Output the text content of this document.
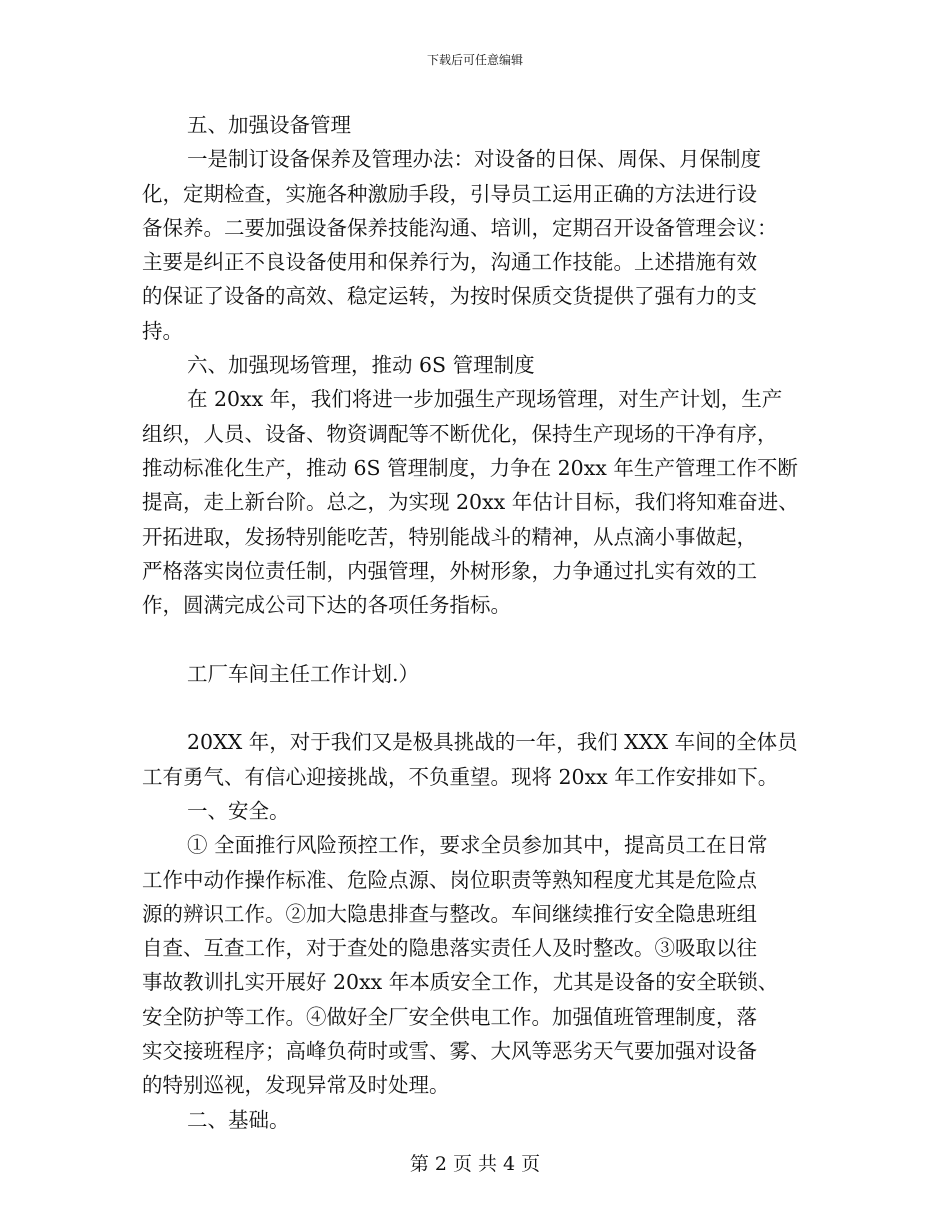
下载后可任意编辑
五、加强设备管理
一是制订设备保养及管理办法：对设备的日保、周保、月保制度
化，定期检查，实施各种激励手段，引导员工运用正确的方法进行设
备保养。二要加强设备保养技能沟通、培训，定期召开设备管理会议：
主要是纠正不良设备使用和保养行为，沟通工作技能。上述措施有效
的保证了设备的高效、稳定运转，为按时保质交货提供了强有力的支
持。
六、加强现场管理，推动 6S 管理制度
在 20xx 年，我们将进一步加强生产现场管理，对生产计划，生产
组织，人员、设备、物资调配等不断优化，保持生产现场的干净有序，
推动标准化生产，推动 6S 管理制度，力争在 20xx 年生产管理工作不断
提高，走上新台阶。总之，为实现 20xx 年估计目标，我们将知难奋进、
开拓进取，发扬特别能吃苦，特别能战斗的精神，从点滴小事做起，
严格落实岗位责任制，内强管理，外树形象，力争通过扎实有效的工
作，圆满完成公司下达的各项任务指标。
工厂车间主任工作计划.）
20XX 年，对于我们又是极具挑战的一年，我们 XXX 车间的全体员
工有勇气、有信心迎接挑战，不负重望。现将 20xx 年工作安排如下。
一、安全。
① 全面推行风险预控工作，要求全员参加其中，提高员工在日常
工作中动作操作标准、危险点源、岗位职责等熟知程度尤其是危险点
源的辨识工作。②加大隐患排查与整改。车间继续推行安全隐患班组
自查、互查工作，对于查处的隐患落实责任人及时整改。③吸取以往
事故教训扎实开展好 20xx 年本质安全工作，尤其是设备的安全联锁、
安全防护等工作。④做好全厂安全供电工作。加强值班管理制度，落
实交接班程序；高峰负荷时或雪、雾、大风等恶劣天气要加强对设备
的特别巡视，发现异常及时处理。
二、基础。
第 2 页 共 4 页
